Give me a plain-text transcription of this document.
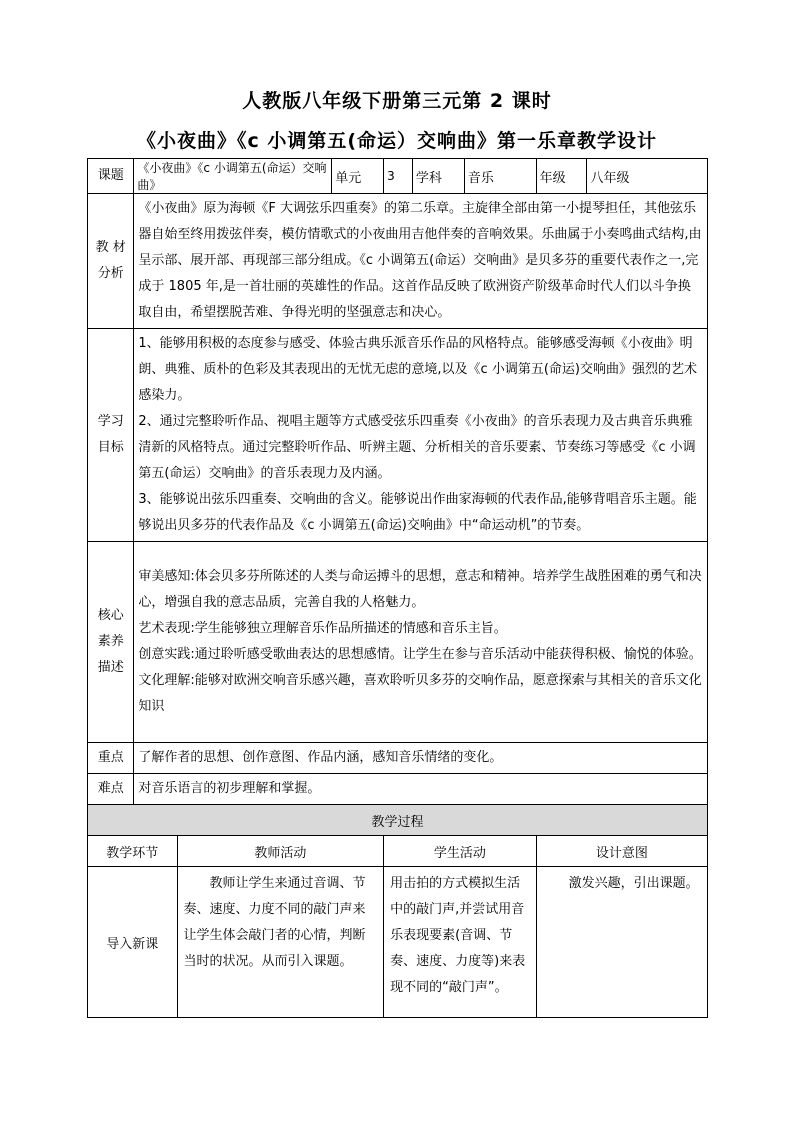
人教版八年级下册第三元第 2 课时
《小夜曲》《c 小调第五(命运）交响曲》第一乐章教学设计
课题	《小夜曲》《c 小调第五(命运）交响曲》		单元	3	学科	音乐	年级	八年级
教 材 分析	《小夜曲》原为海顿《F 大调弦乐四重奏》的第二乐章。主旋律全部由第一小提琴担任，其他弦乐器自始至终用拨弦伴奏，模仿情歌式的小夜曲用吉他伴奏的音响效果。乐曲属于小奏鸣曲式结构,由呈示部、展开部、再现部三部分组成。《c 小调第五(命运）交响曲》是贝多芬的重要代表作之一,完成于 1805 年,是一首壮丽的英雄性的作品。这首作品反映了欧洲资产阶级革命时代人们以斗争换取自由，希望摆脱苦难、争得光明的坚强意志和决心。							
学习 目标	1、能够用积极的态度参与感受、体验古典乐派音乐作品的风格特点。能够感受海顿《小夜曲》明朗、典雅、质朴的色彩及其表现出的无忧无虑的意境,以及《c 小调第五(命运)交响曲》强烈的艺术感染力。

2、通过完整聆听作品、视唱主题等方式感受弦乐四重奏《小夜曲》的音乐表现力及古典音乐典雅清新的风格特点。通过完整聆听作品、听辨主题、分析相关的音乐要素、节奏练习等感受《c 小调第五(命运）交响曲》的音乐表现力及内涵。

3、能够说出弦乐四重奏、交响曲的含义。能够说出作曲家海顿的代表作品,能够背唱音乐主题。能够说出贝多芬的代表作品及《c 小调第五(命运)交响曲》中“命运动机”的节奏。							

核心 素养 描述	审美感知:体会贝多芬所陈述的人类与命运搏斗的思想，意志和精神。培养学生战胜困难的勇气和决心，增强自我的意志品质，完善自我的人格魅力。

艺术表现:学生能够独立理解音乐作品所描述的情感和音乐主旨。

创意实践:通过聆听感受歌曲表达的思想感情。让学生在参与音乐活动中能获得积极、愉悦的体验。

文化理解:能够对欧洲交响音乐感兴趣，喜欢聆听贝多芬的交响作品，愿意探索与其相关的音乐文化知识							

重点	了解作者的思想、创作意图、作品内涵，感知音乐情绪的变化。							
难点	对音乐语言的初步理解和掌握。							
教学过程								
教学环节		教师活动		学生活动			设计意图	
导入新课		教师让学生来通过音调、节奏、速度、力度不同的敲门声来让学生体会敲门者的心情，判断当时的状况。从而引入课题。		用击拍的方式模拟生活中的敲门声,并尝试用音乐表现要素(音调、节奏、速度、力度等)来表现不同的“敲门声”。			激发兴趣，引出课题。	
